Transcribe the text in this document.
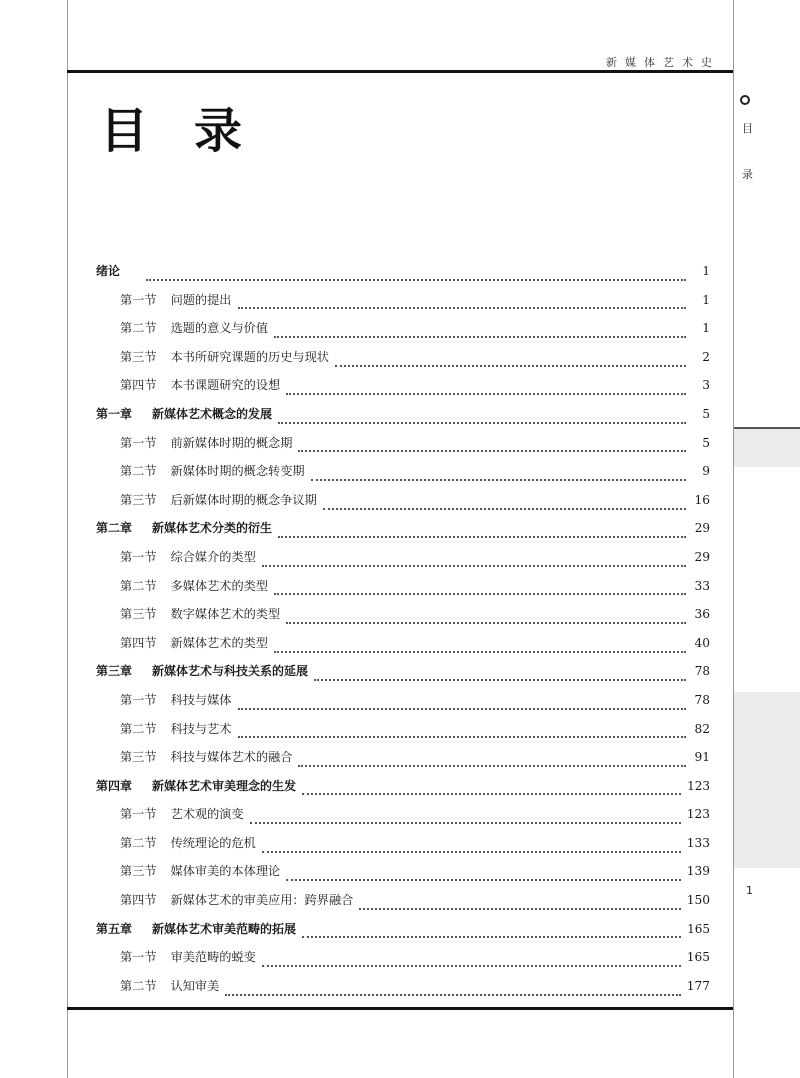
新媒体艺术史
目录	目
录
1
绪论	1
第一节 问题的提出	1
第二节 选题的意义与价值	1
第三节 本书所研究课题的历史与现状	2
第四节 本书课题研究的设想	3
第一章 新媒体艺术概念的发展	5
第一节 前新媒体时期的概念期	5
第二节 新媒体时期的概念转变期	9
第三节 后新媒体时期的概念争议期	16
第二章 新媒体艺术分类的衍生	29
第一节 综合媒介的类型	29
第二节 多媒体艺术的类型	33
第三节 数字媒体艺术的类型	36
第四节 新媒体艺术的类型	40
第三章 新媒体艺术与科技关系的延展	78
第一节 科技与媒体	78
第二节 科技与艺术	82
第三节 科技与媒体艺术的融合	91
第四章 新媒体艺术审美理念的生发	123
第一节 艺术观的演变	123
第二节 传统理论的危机	133
第三节 媒体审美的本体理论	139
第四节 新媒体艺术的审美应用：跨界融合	150
第五章 新媒体艺术审美范畴的拓展	165
第一节 审美范畴的蜕变	165
第二节 认知审美	177
